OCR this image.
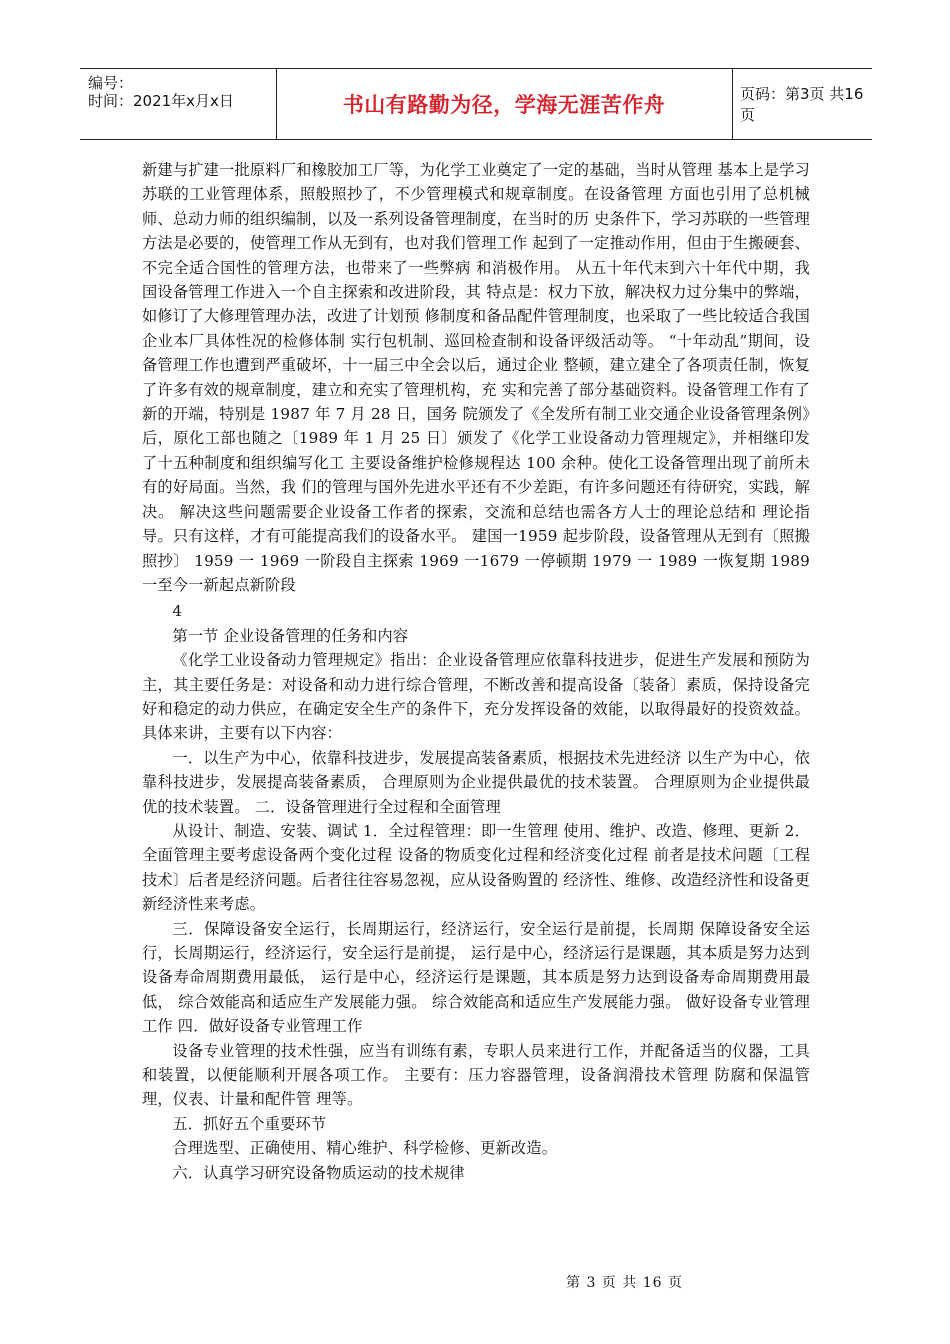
编号：
时间：2021年x月x日	书山有路勤为径，学海无涯苦作舟	页码：第3页 共16页

新建与扩建一批原料厂和橡胶加工厂等，为化学工业奠定了一定的基础，当时从管理 基本上是学习苏联的工业管理体系，照般照抄了，不少管理模式和规章制度。在设备管理 方面也引用了总机械师、总动力师的组织编制，以及一系列设备管理制度，在当时的历 史条件下，学习苏联的一些管理方法是必要的，使管理工作从无到有，也对我们管理工作 起到了一定推动作用，但由于生搬硬套、不完全适合国性的管理方法，也带来了一些弊病 和消极作用。 从五十年代末到六十年代中期，我国设备管理工作进入一个自主探索和改进阶段，其 特点是：权力下放，解决权力过分集中的弊端，如修订了大修理管理办法，改进了计划预 修制度和备品配件管理制度，也采取了一些比较适合我国企业本厂具体性况的检修体制 实行包机制、巡回检查制和设备评级活动等。 “十年动乱”期间，设备管理工作也遭到严重破坏，十一届三中全会以后，通过企业 整顿，建立建全了各项责任制，恢复了许多有效的规章制度，建立和充实了管理机构，充 实和完善了部分基础资料。设备管理工作有了新的开端，特别是 1987 年 7 月 28 日，国务 院颁发了《全发所有制工业交通企业设备管理条例》后，原化工部也随之〔1989 年 1 月 25 日〕颁发了《化学工业设备动力管理规定》，并相继印发了十五种制度和组织编写化工 主要设备维护检修规程达 100 余种。使化工设备管理出现了前所未有的好局面。当然，我 们的管理与国外先进水平还有不少差距，有许多问题还有待研究，实践，解决。 解决这些问题需要企业设备工作者的探索，交流和总结也需各方人士的理论总结和 理论指导。只有这样，才有可能提高我们的设备水平。 建国一1959 起步阶段，设备管理从无到有〔照搬照抄〕 1959 一 1969 一阶段自主探索 1969 一1679 一停顿期 1979 一 1989 一恢复期 1989 一至今一新起点新阶段

4

第一节 企业设备管理的任务和内容

《化学工业设备动力管理规定》指出：企业设备管理应依靠科技进步，促进生产发展和预防为主，其主要任务是：对设备和动力进行综合管理，不断改善和提高设备〔装备〕素质，保持设备完好和稳定的动力供应，在确定安全生产的条件下，充分发挥设备的效能，以取得最好的投资效益。 具体来讲，主要有以下内容：

一．以生产为中心，依靠科技进步，发展提高装备素质，根据技术先进经济 以生产为中心，依靠科技进步，发展提高装备素质， 合理原则为企业提供最优的技术装置。 合理原则为企业提供最优的技术装置。 二．设备管理进行全过程和全面管理

从设计、制造、安装、调试 1．全过程管理：即一生管理 使用、维护、改造、修理、更新 2．全面管理主要考虑设备两个变化过程 设备的物质变化过程和经济变化过程 前者是技术问题〔工程技术〕后者是经济问题。后者往往容易忽视，应从设备购置的 经济性、维修、改造经济性和设备更新经济性来考虑。

三．保障设备安全运行，长周期运行，经济运行，安全运行是前提，长周期 保障设备安全运行，长周期运行，经济运行，安全运行是前提， 运行是中心，经济运行是课题，其本质是努力达到设备寿命周期费用最低， 运行是中心，经济运行是课题，其本质是努力达到设备寿命周期费用最低， 综合效能高和适应生产发展能力强。 综合效能高和适应生产发展能力强。 做好设备专业管理工作 四．做好设备专业管理工作

设备专业管理的技术性强，应当有训练有素，专职人员来进行工作，并配备适当的仪器，工具和装置，以便能顺利开展各项工作。 主要有：压力容器管理，设备润滑技术管理 防腐和保温管理，仪表、计量和配件管 理等。

五．抓好五个重要环节

合理选型、正确使用、精心维护、科学检修、更新改造。

六．认真学习研究设备物质运动的技术规律

第 3 页 共 16 页
